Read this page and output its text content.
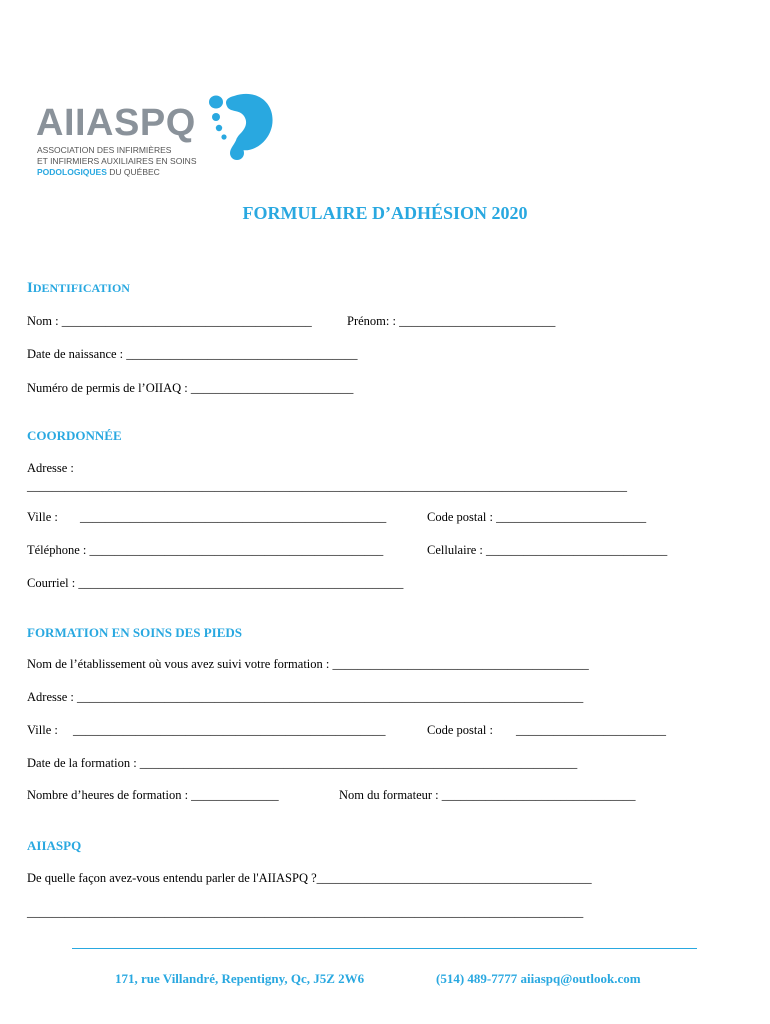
AIIASPQ
ASSOCIATION DES INFIRMIÈRES
ET INFIRMIERS AUXILIAIRES EN SOINS
PODOLOGIQUES DU QUÉBEC
FORMULAIRE D’ADHÉSION 2020
IDENTIFICATION
Nom : ________________________________________	Prénom: : _________________________
Date de naissance : _____________________________________
Numéro de permis de l’OIIAQ : __________________________
COORDONNÉE
Adresse :
________________________________________________________________________________________________
Ville : _________________________________________________	Code postal : ________________________
Téléphone : _______________________________________________	Cellulaire : _____________________________
Courriel : ____________________________________________________
FORMATION EN SOINS DES PIEDS
Nom de l’établissement où vous avez suivi votre formation : _________________________________________
Adresse : _________________________________________________________________________________
Ville : __________________________________________________	Code postal : ________________________
Date de la formation : ______________________________________________________________________
Nombre d’heures de formation : ______________	Nom du formateur : _______________________________
AIIASPQ
De quelle façon avez-vous entendu parler de l'AIIASPQ ?____________________________________________
_________________________________________________________________________________________
171, rue Villandré, Repentigny, Qc, J5Z 2W6	(514) 489-7777 aiiaspq@outlook.com
